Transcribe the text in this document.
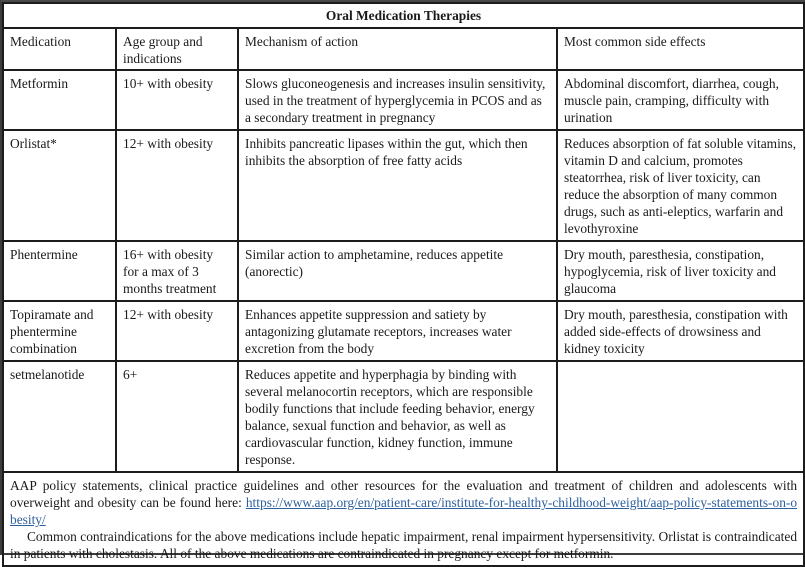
Oral Medication Therapies			
Medication	Age group and indications	Mechanism of action	Most common side effects
Metformin	10+ with obesity	Slows gluconeogenesis and increases insulin sensitivity, used in the treatment of hyperglycemia in PCOS and as a secondary treatment in pregnancy	Abdominal discomfort, diarrhea, cough, muscle pain, cramping, difficulty with urination
Orlistat*	12+ with obesity	Inhibits pancreatic lipases within the gut, which then inhibits the absorption of free fatty acids	Reduces absorption of fat soluble vitamins, vitamin D and calcium, promotes steatorrhea, risk of liver toxicity, can reduce the absorption of many common drugs, such as anti-eleptics, warfarin and levothyroxine
Phentermine	16+ with obesity for a max of 3 months treatment	Similar action to amphetamine, reduces appetite (anorectic)	Dry mouth, paresthesia, constipation, hypoglycemia, risk of liver toxicity and glaucoma
Topiramate and phentermine combination	12+ with obesity	Enhances appetite suppression and satiety by antagonizing glutamate receptors, increases water excretion from the body	Dry mouth, paresthesia, constipation with added side-effects of drowsiness and kidney toxicity
setmelanotide	6+	Reduces appetite and hyperphagia by binding with several melanocortin receptors, which are responsible bodily functions that include feeding behavior, energy balance, sexual function and behavior, as well as cardiovascular function, kidney function, immune response.	

AAP policy statements, clinical practice guidelines and other resources for the evaluation and treatment of children and adolescents with overweight and obesity can be found here: https://www.aap.org/en/patient-care/institute-for-healthy-childhood-weight/aap-policy-statements-on-obesity/
Common contraindications for the above medications include hepatic impairment, renal impairment hypersensitivity. Orlistat is contraindicated in patients with cholestasis. All of the above medications are contraindicated in pregnancy except for metformin.			
